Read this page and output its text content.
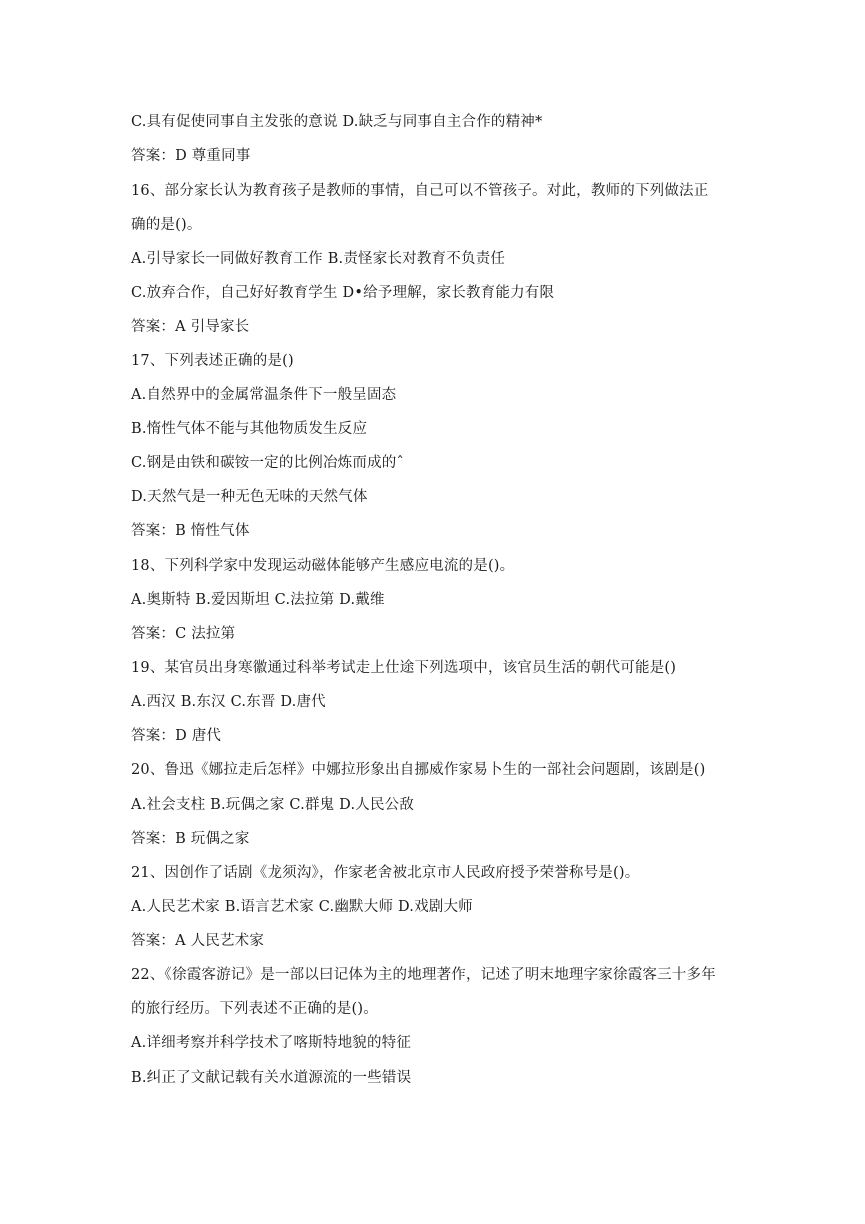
C.具有促使同事自主发张的意说 D.缺乏与同事自主合作的精神*
答案：D 尊重同事
16、部分家长认为教育孩子是教师的事情，自己可以不管孩子。对此，教师的下列做法正
确的是()。
A.引导家长一同做好教育工作 B.责怪家长对教育不负责任
C.放弃合作，自己好好教育学生 D•给予理解，家长教育能力有限
答案：A 引导家长
17、下列表述正确的是()
A.自然界中的金属常温条件下一般呈固态
B.惰性气体不能与其他物质发生反应
C.钢是由铁和碳铵一定的比例冶炼而成的ˆ
D.天然气是一种无色无味的天然气体
答案：B 惰性气体
18、下列科学家中发现运动磁体能够产生感应电流的是()。
A.奥斯特 B.爱因斯坦 C.法拉第 D.戴维
答案：C 法拉第
19、某官员出身寒徽通过科举考试走上仕途下列选项中，该官员生活的朝代可能是()
A.西汉 B.东汉 C.东晋 D.唐代
答案：D 唐代
20、鲁迅《娜拉走后怎样》中娜拉形象出自挪威作家易卜生的一部社会问题剧，该剧是()
A.社会支柱 B.玩偶之家 C.群鬼 D.人民公敌
答案：B 玩偶之家
21、因创作了话剧《龙须沟》，作家老舍被北京市人民政府授予荣誉称号是()。
A.人民艺术家 B.语言艺术家 C.幽默大师 D.戏剧大师
答案：A 人民艺术家
22、《徐霞客游记》是一部以曰记体为主的地理著作，记述了明末地理字家徐霞客三十多年
的旅行经历。下列表述不正确的是()。
A.详细考察并科学技术了喀斯特地貌的特征
B.纠正了文献记载有关水道源流的一些错误
